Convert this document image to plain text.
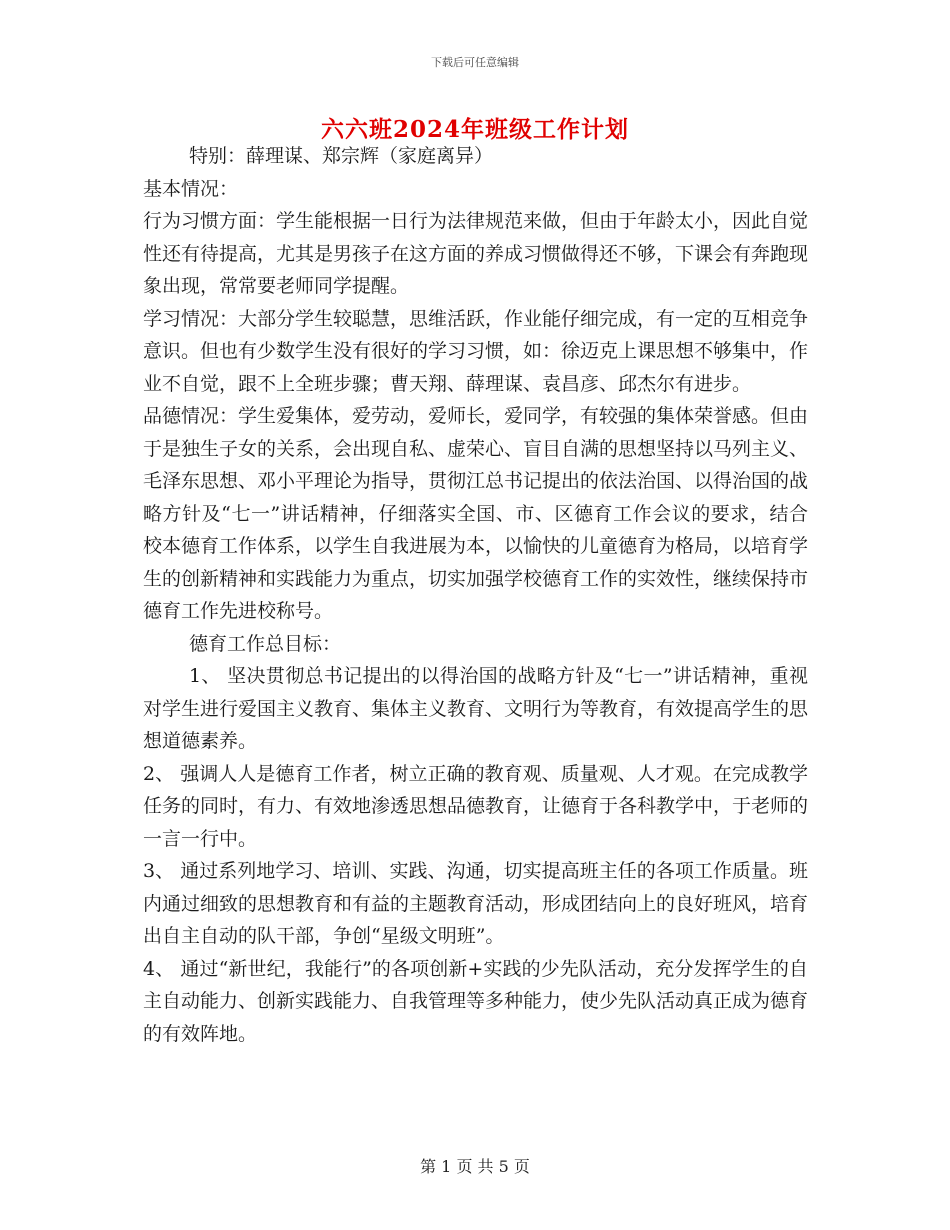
下载后可任意编辑
六六班2024年班级工作计划

特别：薛理谋、郑宗辉（家庭离异）

基本情况：

行为习惯方面：学生能根据一日行为法律规范来做，但由于年龄太小，因此自觉性还有待提高，尤其是男孩子在这方面的养成习惯做得还不够，下课会有奔跑现象出现，常常要老师同学提醒。

学习情况：大部分学生较聪慧，思维活跃，作业能仔细完成，有一定的互相竞争意识。但也有少数学生没有很好的学习习惯，如：徐迈克上课思想不够集中，作业不自觉，跟不上全班步骤；曹天翔、薛理谋、袁昌彦、邱杰尔有进步。

品德情况：学生爱集体，爱劳动，爱师长，爱同学，有较强的集体荣誉感。但由于是独生子女的关系，会出现自私、虚荣心、盲目自满的思想坚持以马列主义、毛泽东思想、邓小平理论为指导，贯彻江总书记提出的依法治国、以得治国的战略方针及“七一”讲话精神，仔细落实全国、市、区德育工作会议的要求，结合校本德育工作体系，以学生自我进展为本，以愉快的儿童德育为格局，以培育学生的创新精神和实践能力为重点，切实加强学校德育工作的实效性，继续保持市德育工作先进校称号。

德育工作总目标：

1、 坚决贯彻总书记提出的以得治国的战略方针及“七一”讲话精神，重视对学生进行爱国主义教育、集体主义教育、文明行为等教育，有效提高学生的思想道德素养。

2、 强调人人是德育工作者，树立正确的教育观、质量观、人才观。在完成教学任务的同时，有力、有效地渗透思想品德教育，让德育于各科教学中，于老师的一言一行中。

3、 通过系列地学习、培训、实践、沟通，切实提高班主任的各项工作质量。班内通过细致的思想教育和有益的主题教育活动，形成团结向上的良好班风，培育出自主自动的队干部，争创“星级文明班”。

4、 通过“新世纪，我能行”的各项创新+实践的少先队活动，充分发挥学生的自主自动能力、创新实践能力、自我管理等多种能力，使少先队活动真正成为德育的有效阵地。

第 1 页 共 5 页
